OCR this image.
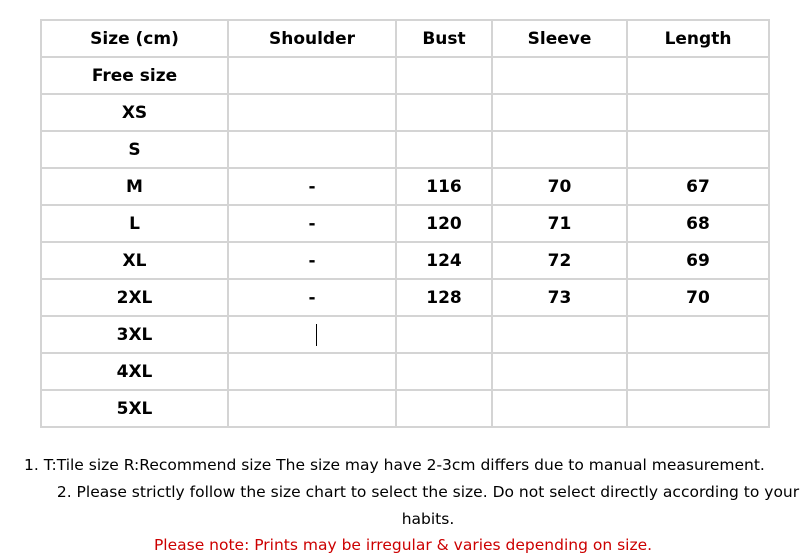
Size (cm)	Shoulder	Bust	Sleeve	Length
Free size				
XS				
S				
M	-	116	70	67
L	-	120	71	68
XL	-	124	72	69
2XL	-	128	73	70
3XL				
4XL				
5XL				
1. T:Tile size R:Recommend size The size may have 2-3cm differs due to manual measurement.
2. Please strictly follow the size chart to select the size. Do not select directly according to your habits.
Please note: Prints may be irregular & varies depending on size.
